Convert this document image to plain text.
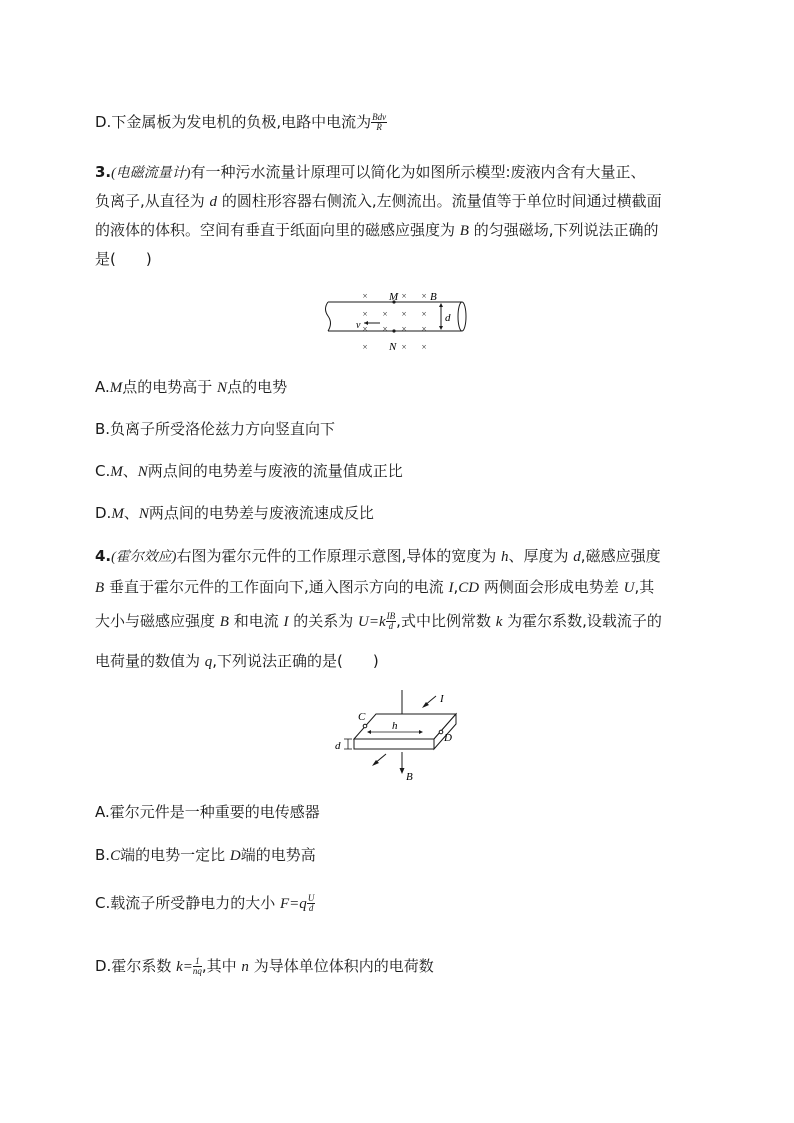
D.下金属板为发电机的负极,电路中电流为 $\frac{\text{Bdv}}{R}$
3.(电磁流量计)有一种污水流量计原理可以简化为如图所示模型:废液内含有大量正、
负离子,从直径为 d 的圆柱形容器右侧流入,左侧流出。流量值等于单位时间通过横截面
的液体的体积。空间有垂直于纸面向里的磁感应强度为 B 的匀强磁场,下列说法正确的
是(　　)
×	× ×
× × × ×
× × × ×
×	× ×
M
N
B
v
d
A.M点的电势高于 N点的电势
B.负离子所受洛伦兹力方向竖直向下
C.M、N两点间的电势差与废液的流量值成正比
D.M、N两点间的电势差与废液流速成反比
4.(霍尔效应)右图为霍尔元件的工作原理示意图,导体的宽度为 h、厚度为 d,磁感应强度
B 垂直于霍尔元件的工作面向下,通入图示方向的电流 I,CD 两侧面会形成电势差 U,其
大小与磁感应强度 B 和电流 I 的关系为 $U=k \frac{IB}{d}$ ,式中比例常数 k 为霍尔系数,设载流子的
电荷量的数值为 q,下列说法正确的是(　　)
B
I
C
D
h
d
A.霍尔元件是一种重要的电传感器
B.C端的电势一定比 D端的电势高
C.载流子所受静电力的大小 $F=q \frac{U}{d}$
D.霍尔系数 $k= \frac{1}{nq}$ ,其中 n 为导体单位体积内的电荷数
